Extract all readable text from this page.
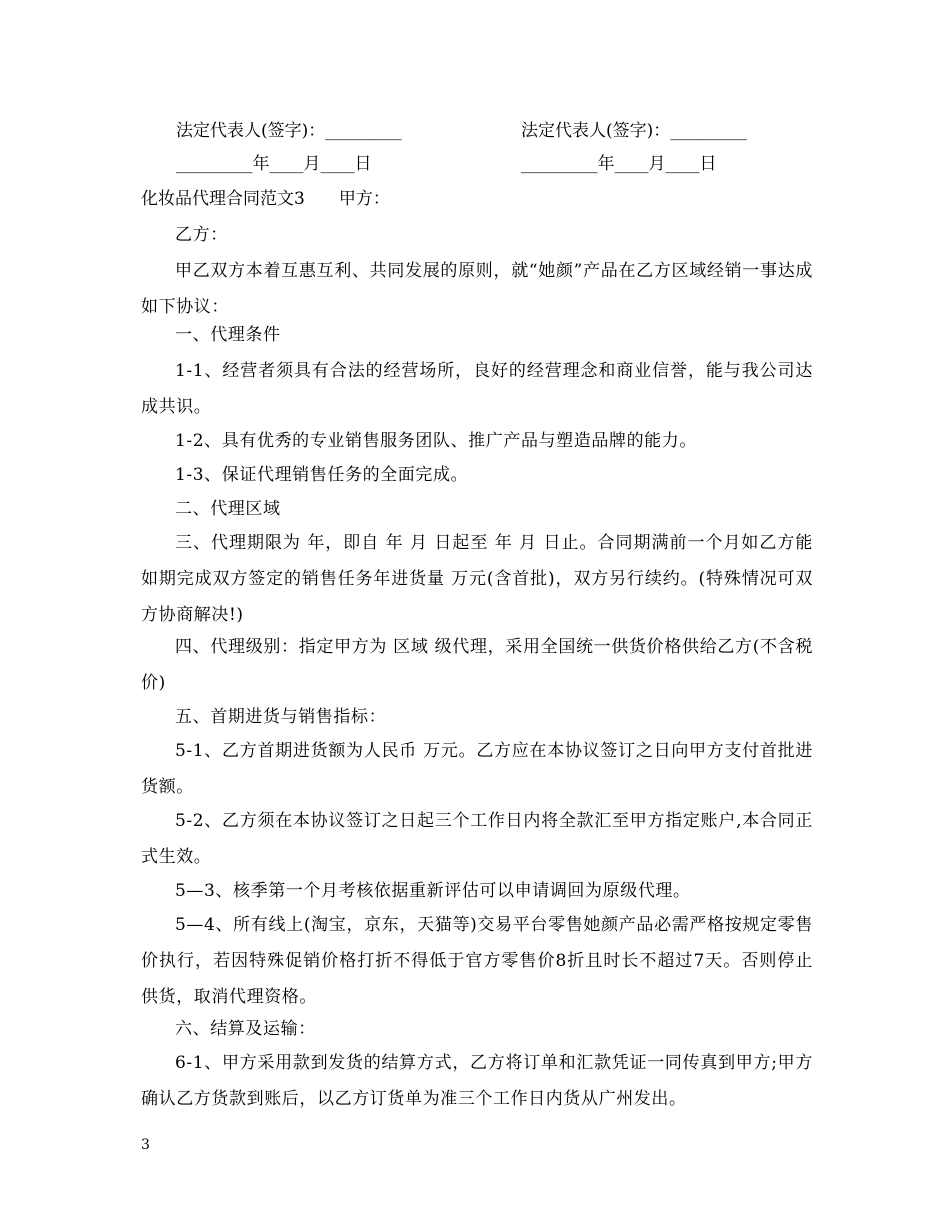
法定代表人(签字)：_________	法定代表人(签字)：_________
_________年____月____日	_________年____月____日
化妆品代理合同范文3　　甲方：
乙方：
甲乙双方本着互惠互利、共同发展的原则，就“她颜”产品在乙方区域经销一事达成如下协议：
一、代理条件
1-1、经营者须具有合法的经营场所，良好的经营理念和商业信誉，能与我公司达成共识。
1-2、具有优秀的专业销售服务团队、推广产品与塑造品牌的能力。
1-3、保证代理销售任务的全面完成。
二、代理区域
三、代理期限为 年，即自 年 月 日起至 年 月 日止。合同期满前一个月如乙方能如期完成双方签定的销售任务年进货量 万元(含首批)，双方另行续约。(特殊情况可双方协商解决!)
四、代理级别：指定甲方为 区域 级代理，采用全国统一供货价格供给乙方(不含税价)
五、首期进货与销售指标：
5-1、乙方首期进货额为人民币 万元。乙方应在本协议签订之日向甲方支付首批进货额。
5-2、乙方须在本协议签订之日起三个工作日内将全款汇至甲方指定账户,本合同正式生效。
5—3、核季第一个月考核依据重新评估可以申请调回为原级代理。
5—4、所有线上(淘宝，京东，天猫等)交易平台零售她颜产品必需严格按规定零售价执行，若因特殊促销价格打折不得低于官方零售价8折且时长不超过7天。否则停止供货，取消代理资格。
六、结算及运输：
6-1、甲方采用款到发货的结算方式，乙方将订单和汇款凭证一同传真到甲方;甲方确认乙方货款到账后，以乙方订货单为准三个工作日内货从广州发出。
3
